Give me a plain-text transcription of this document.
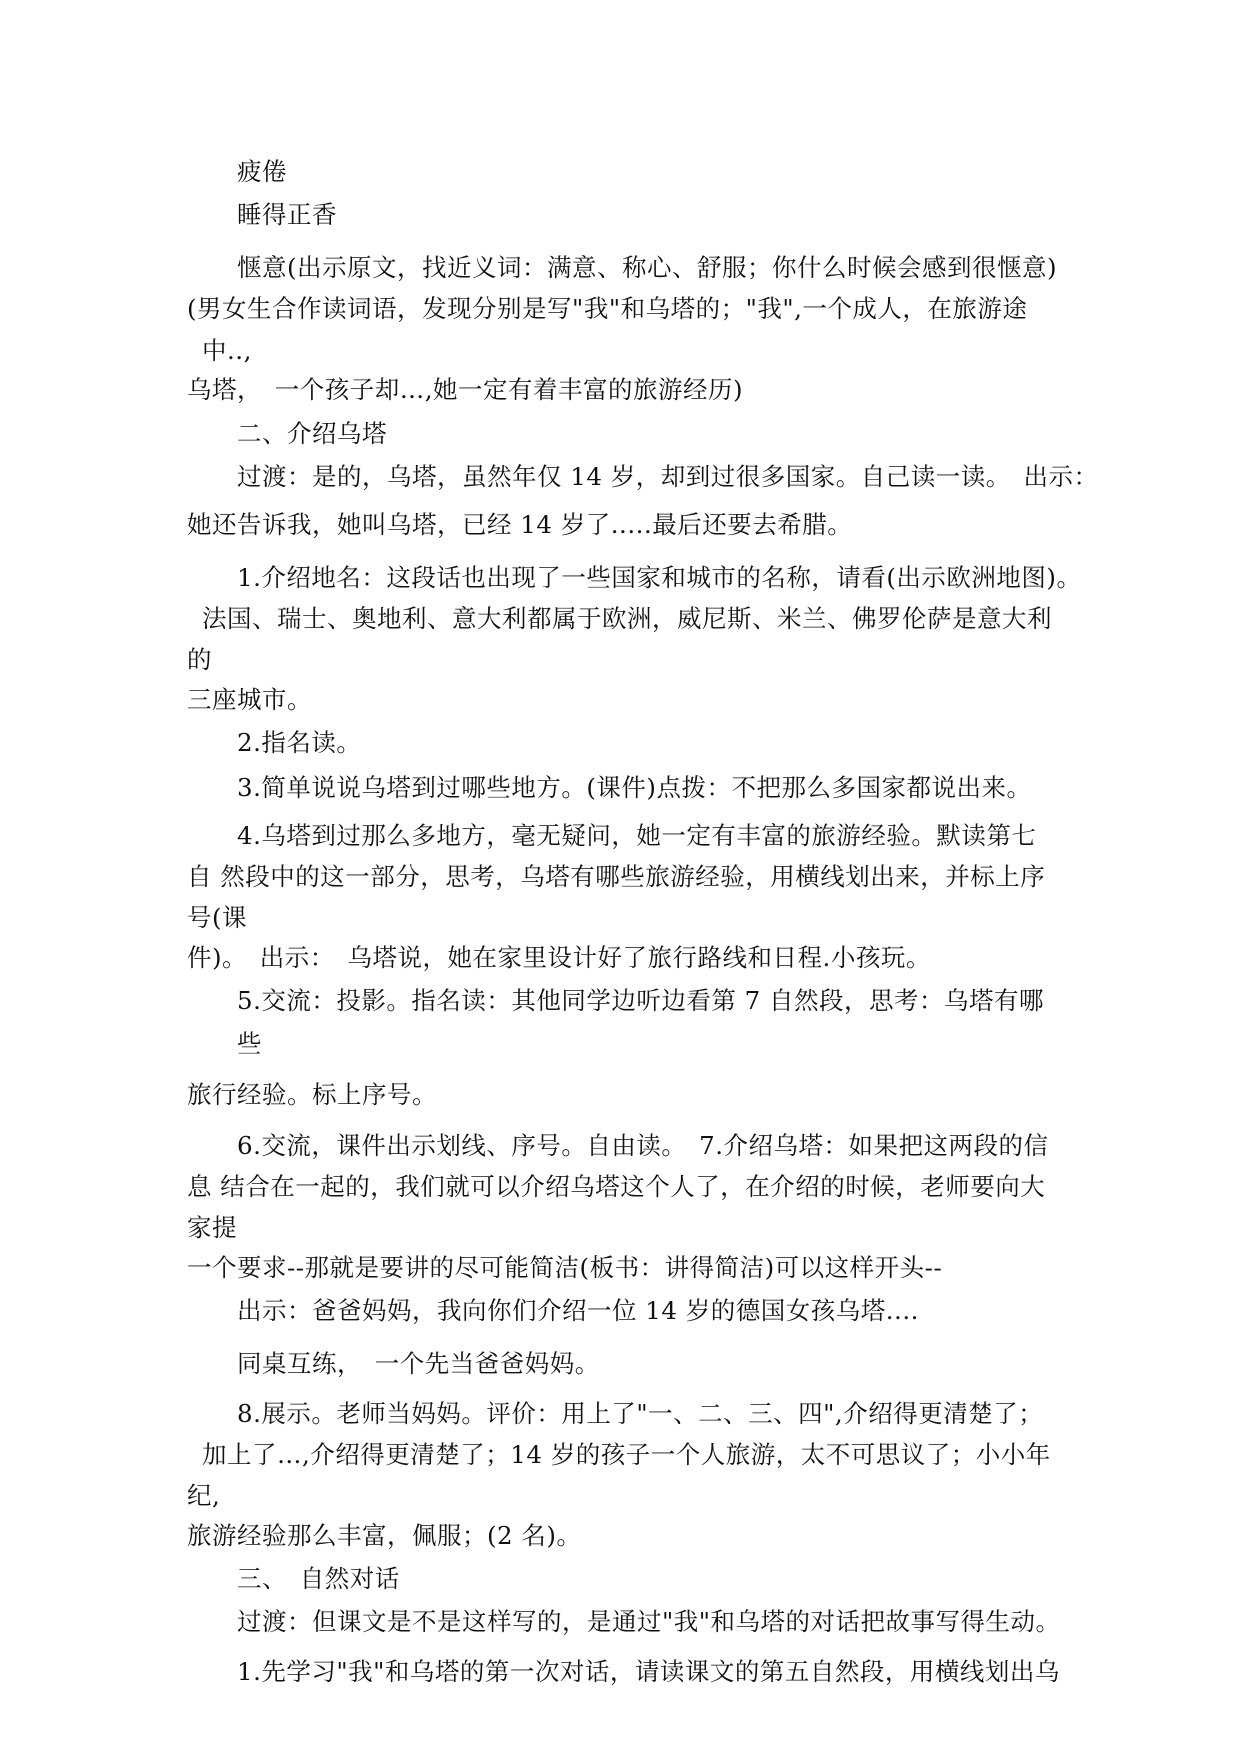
疲倦
睡得正香
惬意(出示原文，找近义词：满意、称心、舒服；你什么时候会感到很惬意)
(男女生合作读词语，发现分别是写"我"和乌塔的；"我",一个成人，在旅游途
中..,
乌塔，　一个孩子却…,她一定有着丰富的旅游经历)
二、介绍乌塔
过渡：是的，乌塔，虽然年仅 14 岁，却到过很多国家。自己读一读。　出示：
她还告诉我，她叫乌塔，已经 14 岁了.....最后还要去希腊。
1.介绍地名：这段话也出现了一些国家和城市的名称，请看(出示欧洲地图)。
法国、瑞士、奥地利、意大利都属于欧洲，威尼斯、米兰、佛罗伦萨是意大利
的
三座城市。
2.指名读。
3.简单说说乌塔到过哪些地方。(课件)点拨：不把那么多国家都说出来。
4.乌塔到过那么多地方，毫无疑问，她一定有丰富的旅游经验。默读第七
自 然段中的这一部分，思考，乌塔有哪些旅游经验，用横线划出来，并标上序
号(课
件)。　出示：　乌塔说，她在家里设计好了旅行路线和日程.小孩玩。
5.交流：投影。指名读：其他同学边听边看第 7 自然段，思考：乌塔有哪
些
旅行经验。标上序号。
6.交流，课件出示划线、序号。自由读。　7.介绍乌塔：如果把这两段的信
息 结合在一起的，我们就可以介绍乌塔这个人了，在介绍的时候，老师要向大
家提
一个要求--那就是要讲的尽可能简洁(板书：讲得简洁)可以这样开头--
出示：爸爸妈妈，我向你们介绍一位 14 岁的德国女孩乌塔....
同桌互练，　一个先当爸爸妈妈。
8.展示。老师当妈妈。评价：用上了"一、二、三、四",介绍得更清楚了；
加上了…,介绍得更清楚了；14 岁的孩子一个人旅游，太不可思议了；小小年
纪,
旅游经验那么丰富，佩服；(2 名)。
三、　自然对话
过渡：但课文是不是这样写的，是通过"我"和乌塔的对话把故事写得生动。
1.先学习"我"和乌塔的第一次对话，请读课文的第五自然段，用横线划出乌
